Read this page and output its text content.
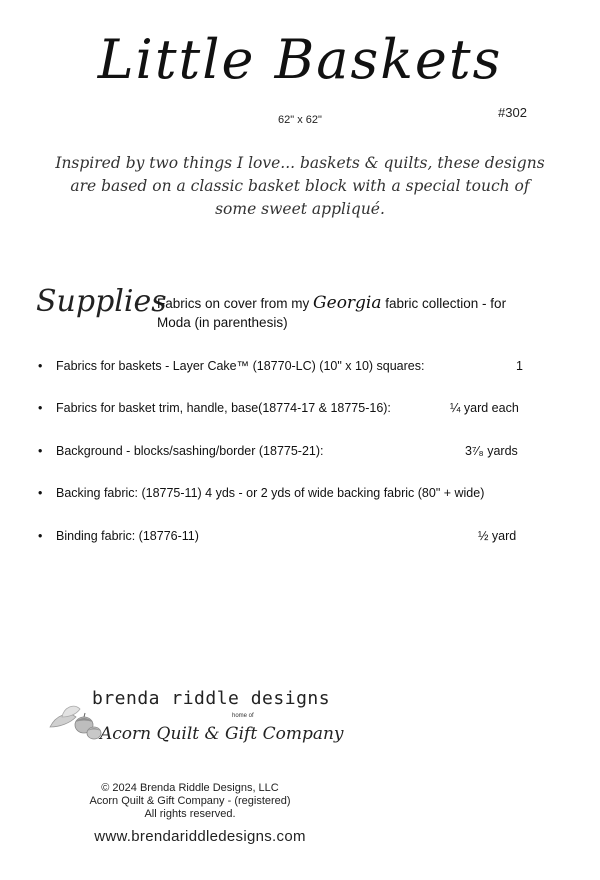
Little Baskets
62" x 62"	#302
Inspired by two things I love... baskets & quilts, these designs
are based on a classic basket block with a special touch of
some sweet appliqué.
Supplies
Fabrics on cover from my Georgia fabric collection - for
Moda (in parenthesis)
•	Fabrics for baskets - Layer Cake™ (18770-LC) (10" x 10) squares:	1
•	Fabrics for basket trim, handle, base(18774-17 & 18775-16):	¼ yard each
•	Background - blocks/sashing/border (18775-21):	3⁷⁄₈ yards
•	Backing fabric: (18775-11) 4 yds - or 2 yds of wide backing fabric (80" + wide)
•	Binding fabric: (18776-11)	½ yard
brenda riddle designs
home of
Acorn Quilt & Gift Company
© 2024 Brenda Riddle Designs, LLC
Acorn Quilt & Gift Company - (registered)
All rights reserved.
www.brendariddledesigns.com
